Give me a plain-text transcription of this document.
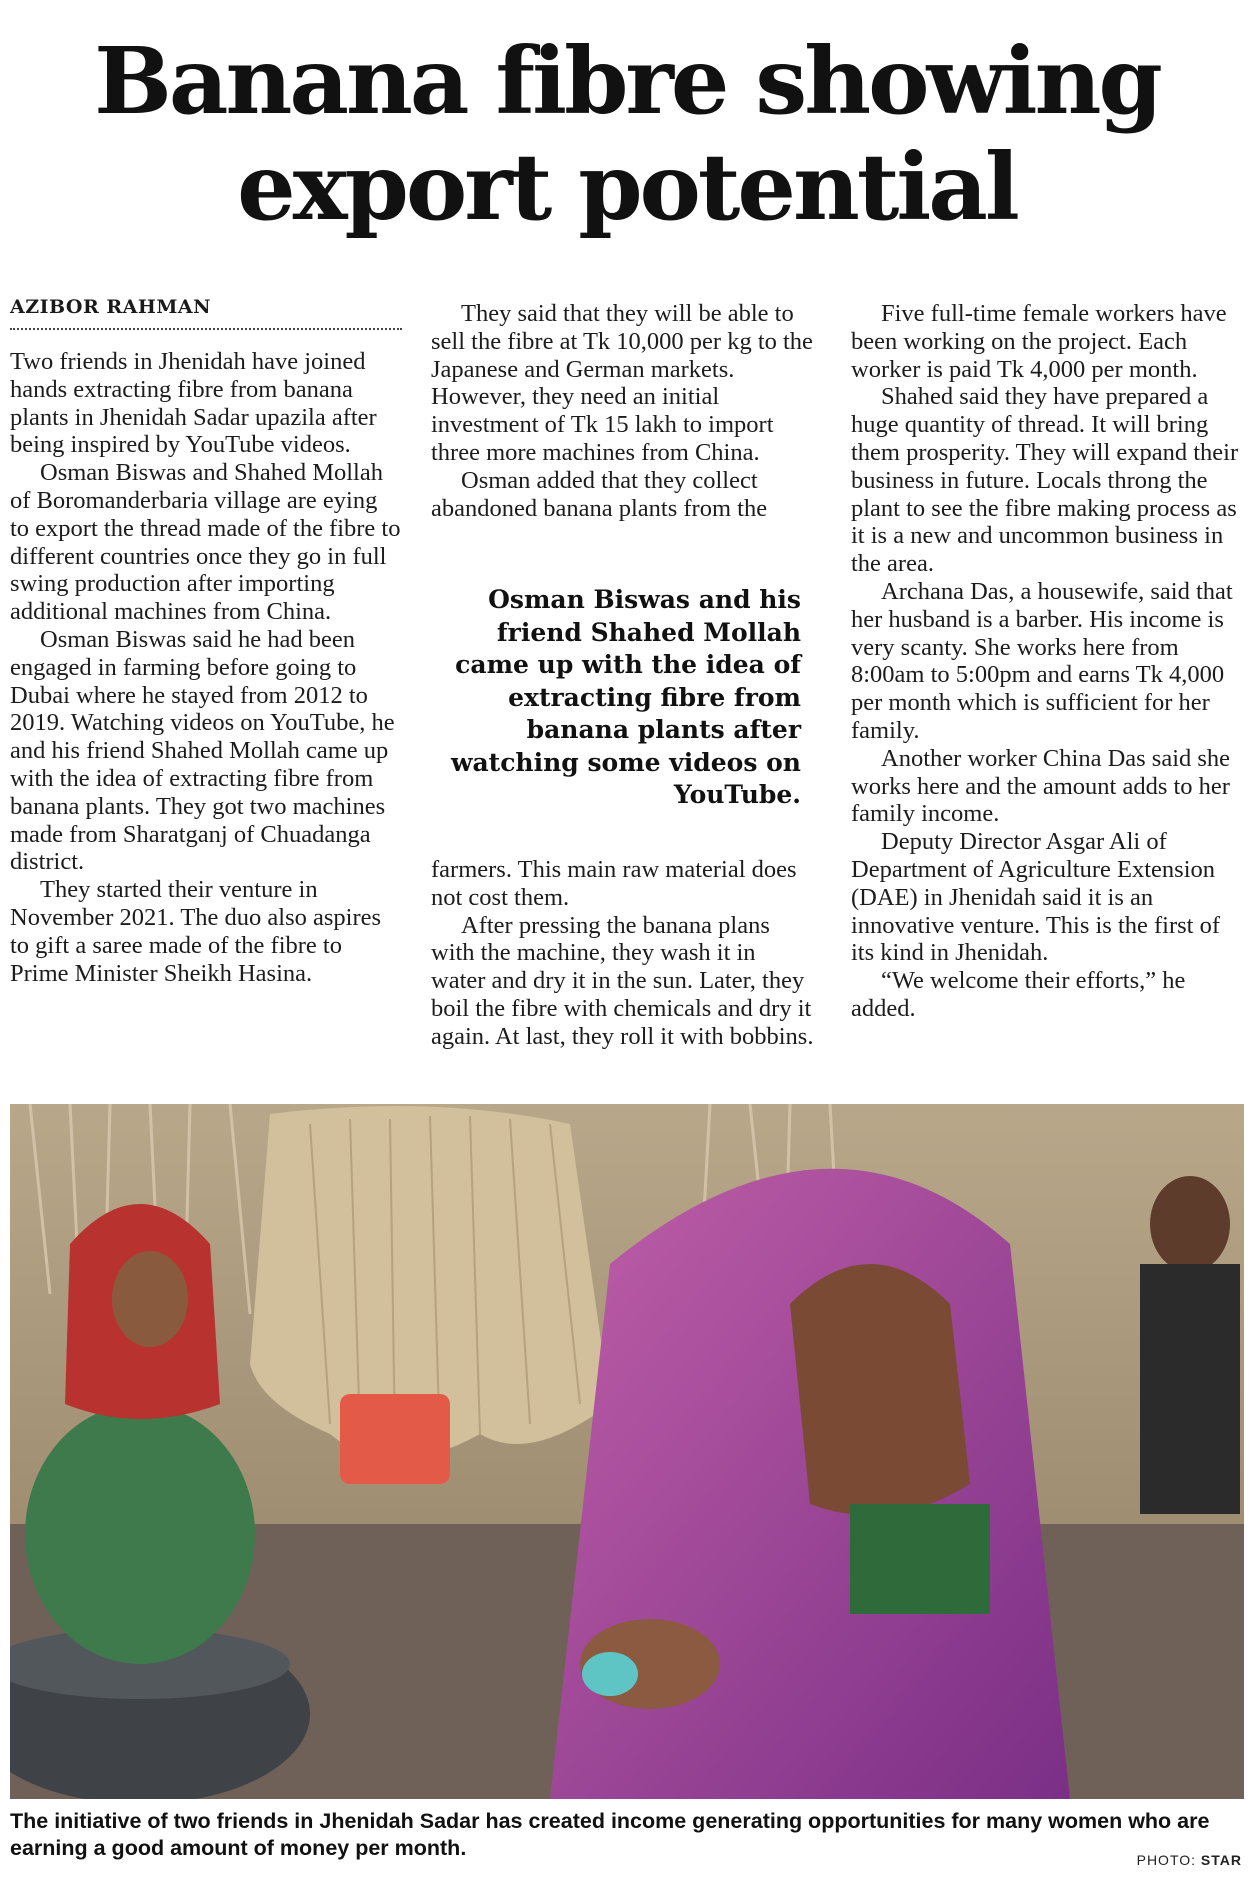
Banana fibre showing
export potential
AZIBOR RAHMAN

Two friends in Jhenidah have joined hands extracting fibre from banana plants in Jhenidah Sadar upazila after being inspired by YouTube videos.

Osman Biswas and Shahed Mollah of Boromanderbaria village are eying to export the thread made of the fibre to different countries once they go in full swing production after importing additional machines from China.

Osman Biswas said he had been engaged in farming before going to Dubai where he stayed from 2012 to 2019. Watching videos on YouTube, he and his friend Shahed Mollah came up with the idea of extracting fibre from banana plants. They got two machines made from Sharatganj of Chuadanga district.

They started their venture in November 2021. The duo also aspires to gift a saree made of the fibre to Prime Minister Sheikh Hasina.

They said that they will be able to sell the fibre at Tk 10,000 per kg to the Japanese and German markets. However, they need an initial investment of Tk 15 lakh to import three more machines from China.

Osman added that they collect abandoned banana plants from the

Osman Biswas and his friend Shahed Mollah came up with the idea of extracting fibre from banana plants after watching some videos on YouTube.

farmers. This main raw material does not cost them.

After pressing the banana plans with the machine, they wash it in water and dry it in the sun. Later, they boil the fibre with chemicals and dry it again. At last, they roll it with bobbins.

Five full-time female workers have been working on the project. Each worker is paid Tk 4,000 per month.

Shahed said they have prepared a huge quantity of thread. It will bring them prosperity. They will expand their business in future. Locals throng the plant to see the fibre making process as it is a new and uncommon business in the area.

Archana Das, a housewife, said that her husband is a barber. His income is very scanty. She works here from 8:00am to 5:00pm and earns Tk 4,000 per month which is sufficient for her family.

Another worker China Das said she works here and the amount adds to her family income.

Deputy Director Asgar Ali of Department of Agriculture Extension (DAE) in Jhenidah said it is an innovative venture. This is the first of its kind in Jhenidah.

“We welcome their efforts,” he added.

The initiative of two friends in Jhenidah Sadar has created income generating opportunities for many women who are earning a good amount of money per month.	PHOTO: STAR
